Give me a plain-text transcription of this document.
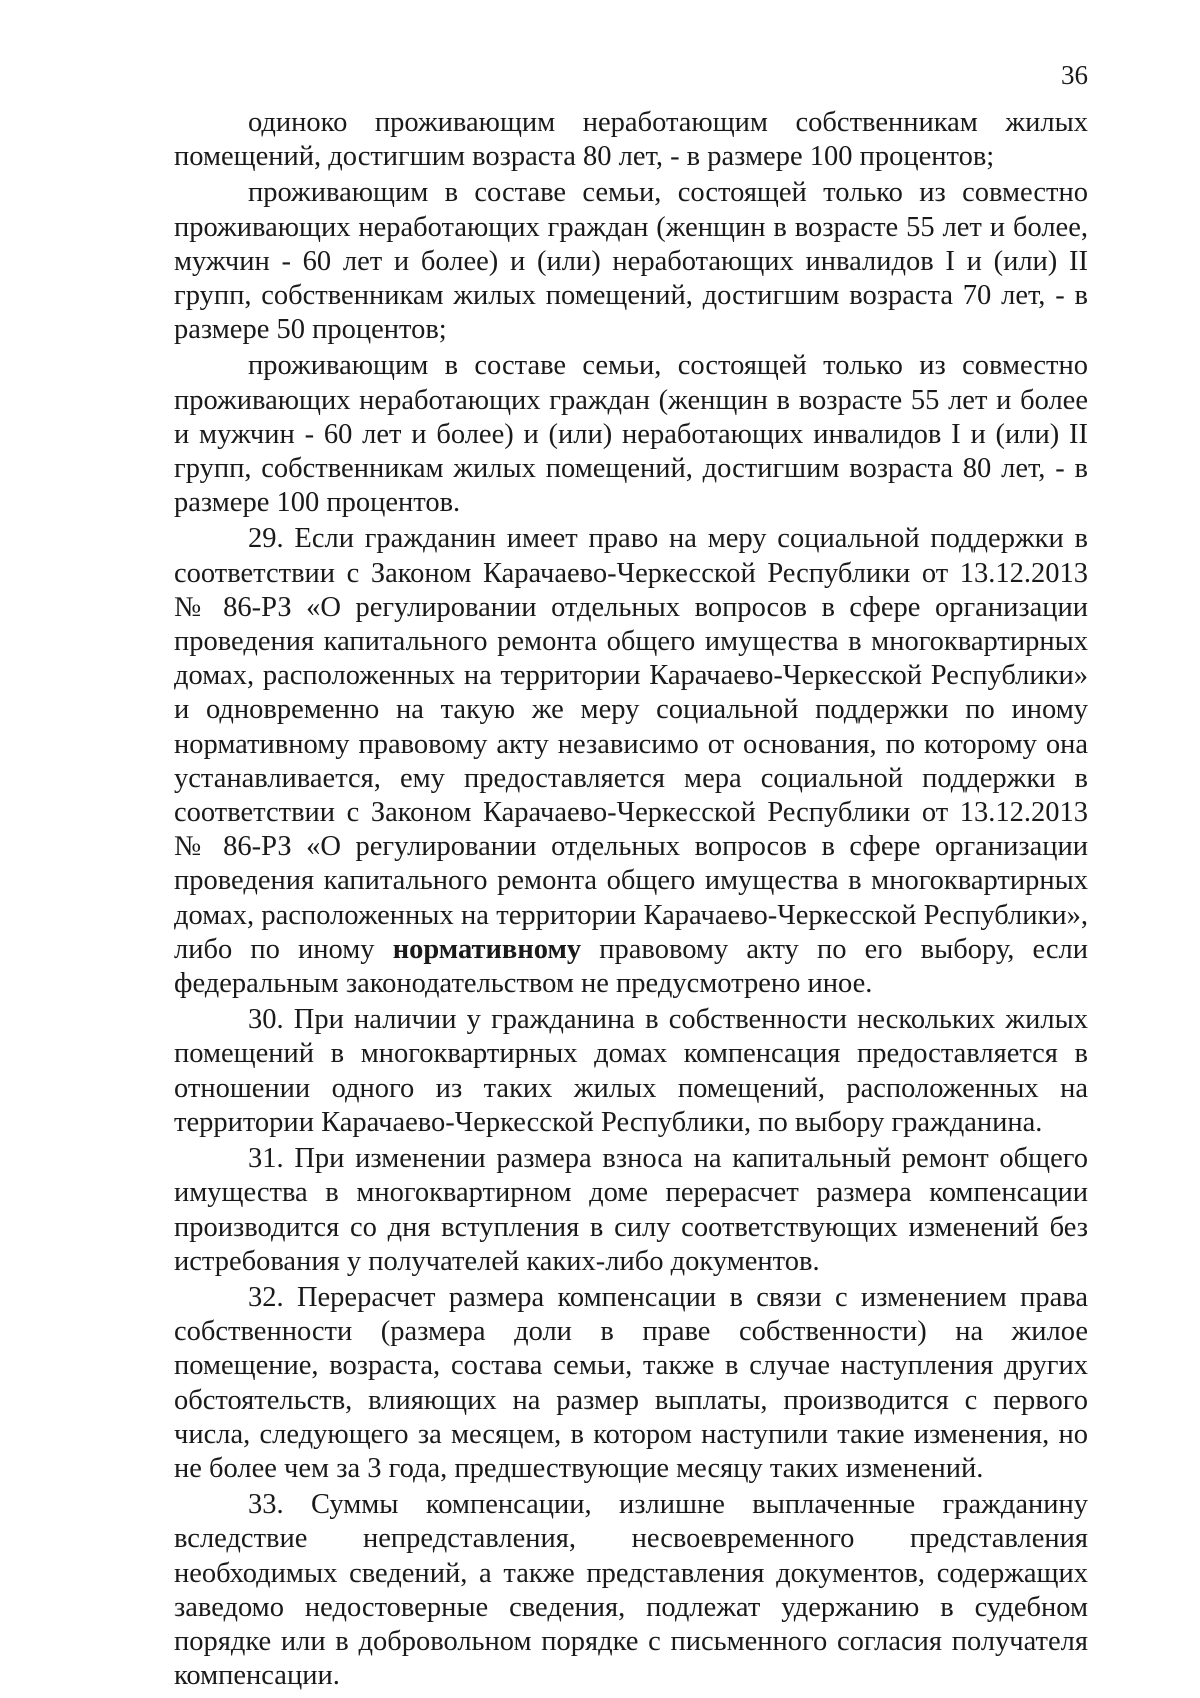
36

одиноко проживающим неработающим собственникам жилых помещений, достигшим возраста 80 лет, - в размере 100 процентов;

проживающим в составе семьи, состоящей только из совместно проживающих неработающих граждан (женщин в возрасте 55 лет и более, мужчин - 60 лет и более) и (или) неработающих инвалидов I и (или) II групп, собственникам жилых помещений, достигшим возраста 70 лет, - в размере 50 процентов;

проживающим в составе семьи, состоящей только из совместно проживающих неработающих граждан (женщин в возрасте 55 лет и более и мужчин - 60 лет и более) и (или) неработающих инвалидов I и (или) II групп, собственникам жилых помещений, достигшим возраста 80 лет, - в размере 100 процентов.

29. Если гражданин имеет право на меру социальной поддержки в соответствии с Законом Карачаево-Черкесской Республики от 13.12.2013 № 86-РЗ «О регулировании отдельных вопросов в сфере организации проведения капитального ремонта общего имущества в многоквартирных домах, расположенных на территории Карачаево-Черкесской Республики» и одновременно на такую же меру социальной поддержки по иному нормативному правовому акту независимо от основания, по которому она устанавливается, ему предоставляется мера социальной поддержки в соответствии с Законом Карачаево-Черкесской Республики от 13.12.2013 № 86-РЗ «О регулировании отдельных вопросов в сфере организации проведения капитального ремонта общего имущества в многоквартирных домах, расположенных на территории Карачаево-Черкесской Республики», либо по иному нормативному правовому акту по его выбору, если федеральным законодательством не предусмотрено иное.

30. При наличии у гражданина в собственности нескольких жилых помещений в многоквартирных домах компенсация предоставляется в отношении одного из таких жилых помещений, расположенных на территории Карачаево-Черкесской Республики, по выбору гражданина.

31. При изменении размера взноса на капитальный ремонт общего имущества в многоквартирном доме перерасчет размера компенсации производится со дня вступления в силу соответствующих изменений без истребования у получателей каких-либо документов.

32. Перерасчет размера компенсации в связи с изменением права собственности (размера доли в праве собственности) на жилое помещение, возраста, состава семьи, также в случае наступления других обстоятельств, влияющих на размер выплаты, производится с первого числа, следующего за месяцем, в котором наступили такие изменения, но не более чем за 3 года, предшествующие месяцу таких изменений.

33. Суммы компенсации, излишне выплаченные гражданину вследствие непредставления, несвоевременного представления необходимых сведений, а также представления документов, содержащих заведомо недостоверные сведения, подлежат удержанию в судебном порядке или в добровольном порядке с письменного согласия получателя компенсации.
